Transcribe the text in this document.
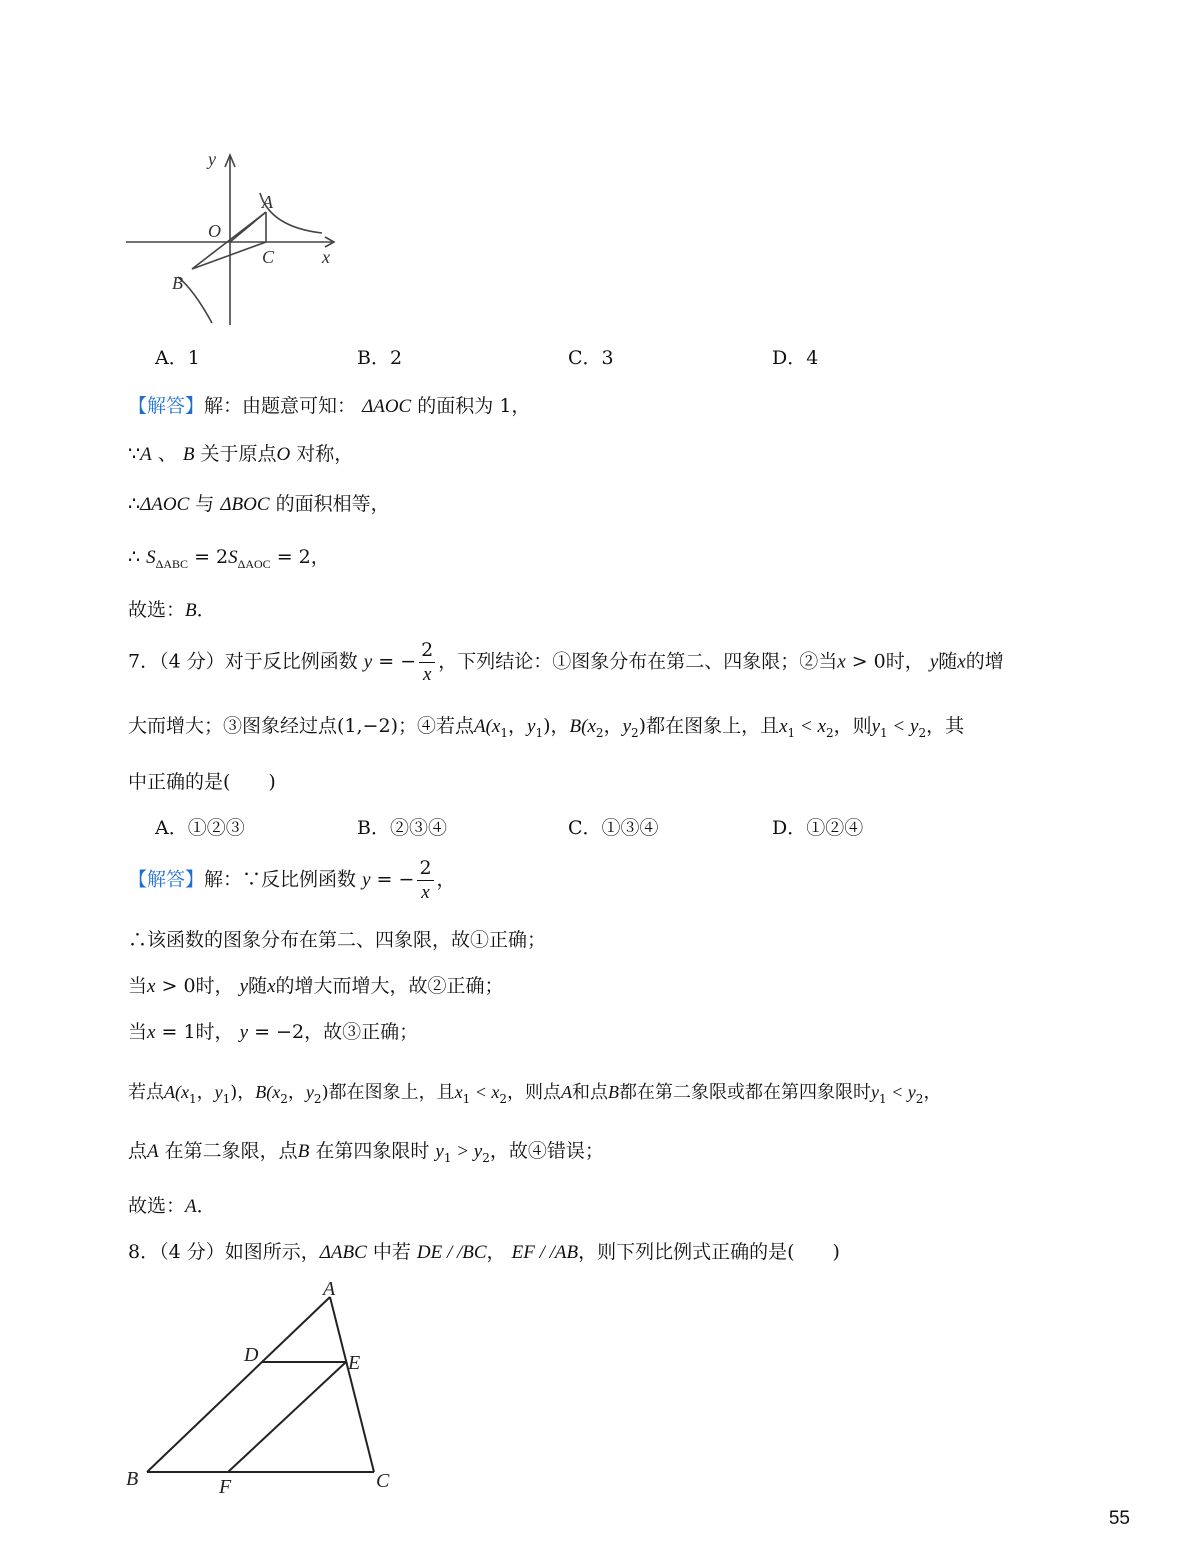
y
x
O
A
B
C
A．1	B．2	C．3	D．4
【解答】解：由题意可知： ΔAOC 的面积为 1，
∵A 、 B 关于原点O 对称，
∴ΔAOC 与 ΔBOC 的面积相等，
∴ $S_{\Delta ABC} = 2S_{\Delta AOC} = 2$，
故选：B．
7．（4 分）对于反比例函数 y = − $\frac{2}{x}$ ，下列结论：①图象分布在第二、四象限；②当x > 0时， y随x的增
大而增大；③图象经过点(1,−2)；④若点$A(x_1$，$y_1$)，$B(x_2$，$y_2$)都在图象上，且$x_1 < x_2$，则$y_1 < y_2$，其
中正确的是(　　)
A．①②③	B．②③④	C．①③④	D．①②④
【解答】解：∵反比例函数 y = − $\frac{2}{x}$ ，
∴该函数的图象分布在第二、四象限，故①正确；
当x > 0时， y随x的增大而增大，故②正确；
当x = 1时， y = −2，故③正确；
若点$A(x_1$，$y_1$)，$B(x_2$，$y_2$)都在图象上，且$x_1 < x_2$，则点A和点B都在第二象限或都在第四象限时$y_1 < y_2$，
点A 在第二象限，点B 在第四象限时 $y_1 > y_2$，故④错误；
故选：A．
8．（4 分）如图所示，ΔABC 中若 DE / /BC， EF / /AB，则下列比例式正确的是(　　)
A
B	C
D	E
F
55
